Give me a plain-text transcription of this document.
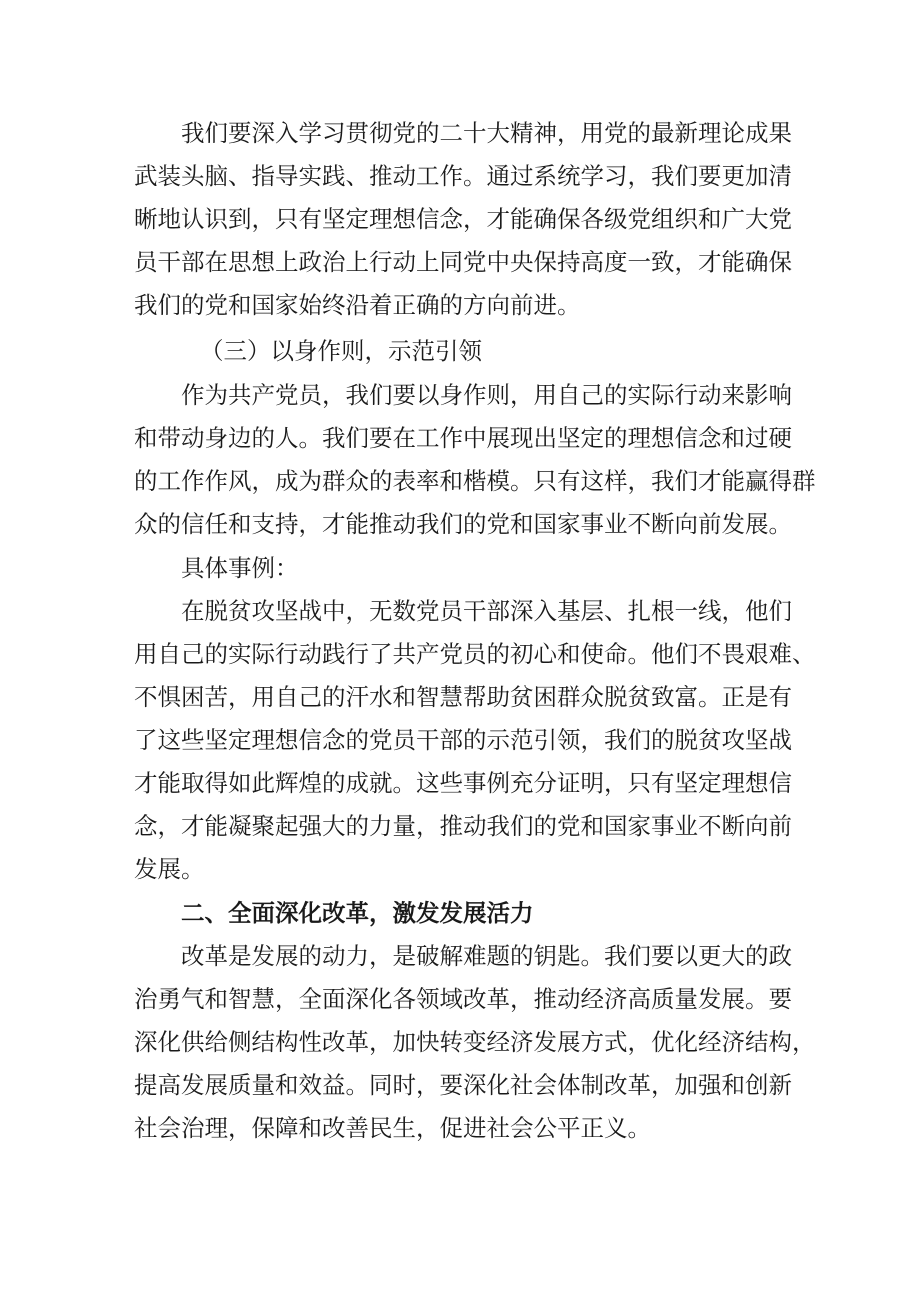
我们要深入学习贯彻党的二十大精神，用党的最新理论成果
武装头脑、指导实践、推动工作。通过系统学习，我们要更加清
晰地认识到，只有坚定理想信念，才能确保各级党组织和广大党
员干部在思想上政治上行动上同党中央保持高度一致，才能确保
我们的党和国家始终沿着正确的方向前进。
（三）以身作则，示范引领
作为共产党员，我们要以身作则，用自己的实际行动来影响
和带动身边的人。我们要在工作中展现出坚定的理想信念和过硬
的工作作风，成为群众的表率和楷模。只有这样，我们才能赢得群
众的信任和支持，才能推动我们的党和国家事业不断向前发展。
具体事例：
在脱贫攻坚战中，无数党员干部深入基层、扎根一线，他们
用自己的实际行动践行了共产党员的初心和使命。他们不畏艰难、
不惧困苦，用自己的汗水和智慧帮助贫困群众脱贫致富。正是有
了这些坚定理想信念的党员干部的示范引领，我们的脱贫攻坚战
才能取得如此辉煌的成就。这些事例充分证明，只有坚定理想信
念，才能凝聚起强大的力量，推动我们的党和国家事业不断向前
发展。
二、全面深化改革，激发发展活力
改革是发展的动力，是破解难题的钥匙。我们要以更大的政
治勇气和智慧，全面深化各领域改革，推动经济高质量发展。要
深化供给侧结构性改革，加快转变经济发展方式，优化经济结构，
提高发展质量和效益。同时，要深化社会体制改革，加强和创新
社会治理，保障和改善民生，促进社会公平正义。
